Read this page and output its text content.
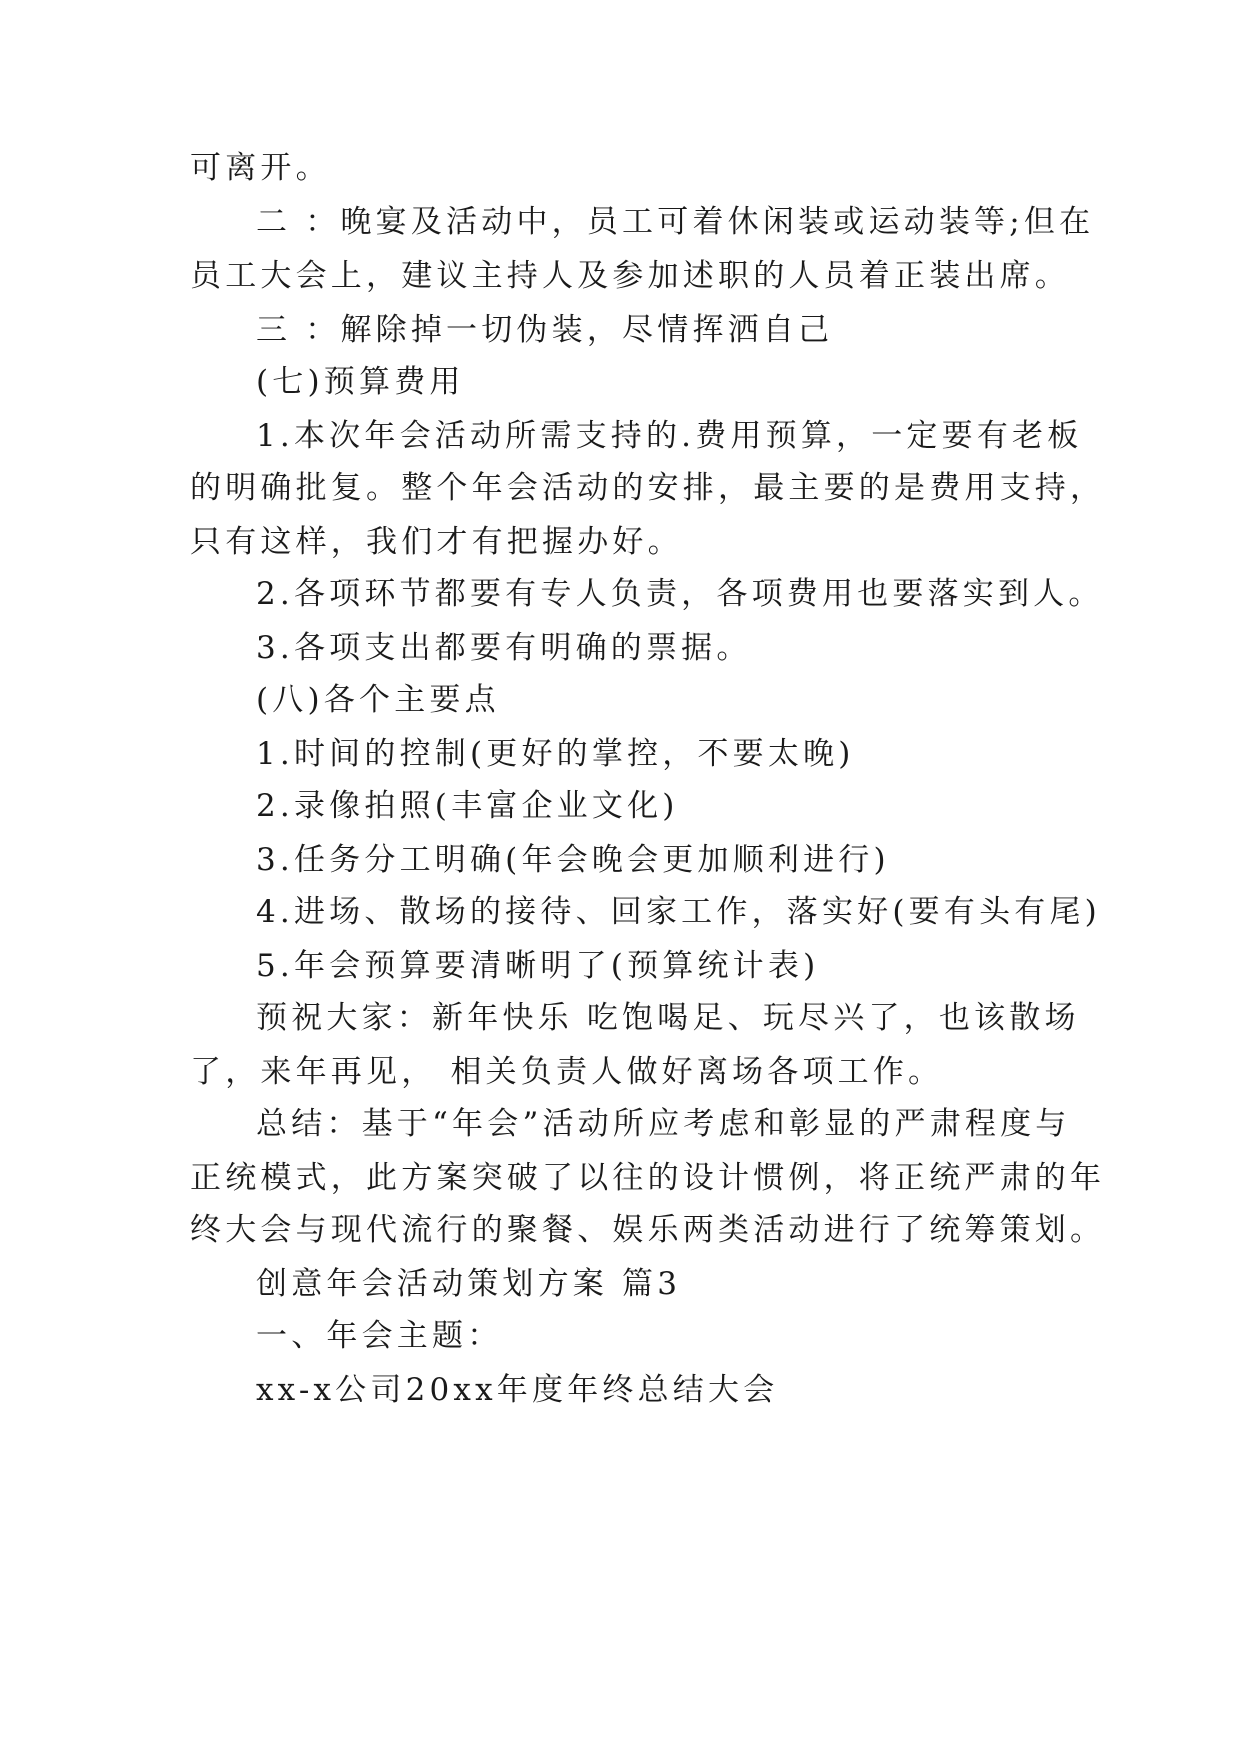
可离开。
二 ：晚宴及活动中，员工可着休闲装或运动装等;但在
员工大会上，建议主持人及参加述职的人员着正装出席。
三 ：解除掉一切伪装，尽情挥洒自己
(七)预算费用
1.本次年会活动所需支持的.费用预算，一定要有老板
的明确批复。整个年会活动的安排，最主要的是费用支持，
只有这样，我们才有把握办好。
2.各项环节都要有专人负责，各项费用也要落实到人。
3.各项支出都要有明确的票据。
(八)各个主要点
1.时间的控制(更好的掌控，不要太晚)
2.录像拍照(丰富企业文化)
3.任务分工明确(年会晚会更加顺利进行)
4.进场、散场的接待、回家工作，落实好(要有头有尾)
5.年会预算要清晰明了(预算统计表)
预祝大家：新年快乐 吃饱喝足、玩尽兴了，也该散场
了，来年再见， 相关负责人做好离场各项工作。
总结：基于“年会”活动所应考虑和彰显的严肃程度与
正统模式，此方案突破了以往的设计惯例，将正统严肃的年
终大会与现代流行的聚餐、娱乐两类活动进行了统筹策划。
创意年会活动策划方案 篇3
一、年会主题：
xx-x公司20xx年度年终总结大会
